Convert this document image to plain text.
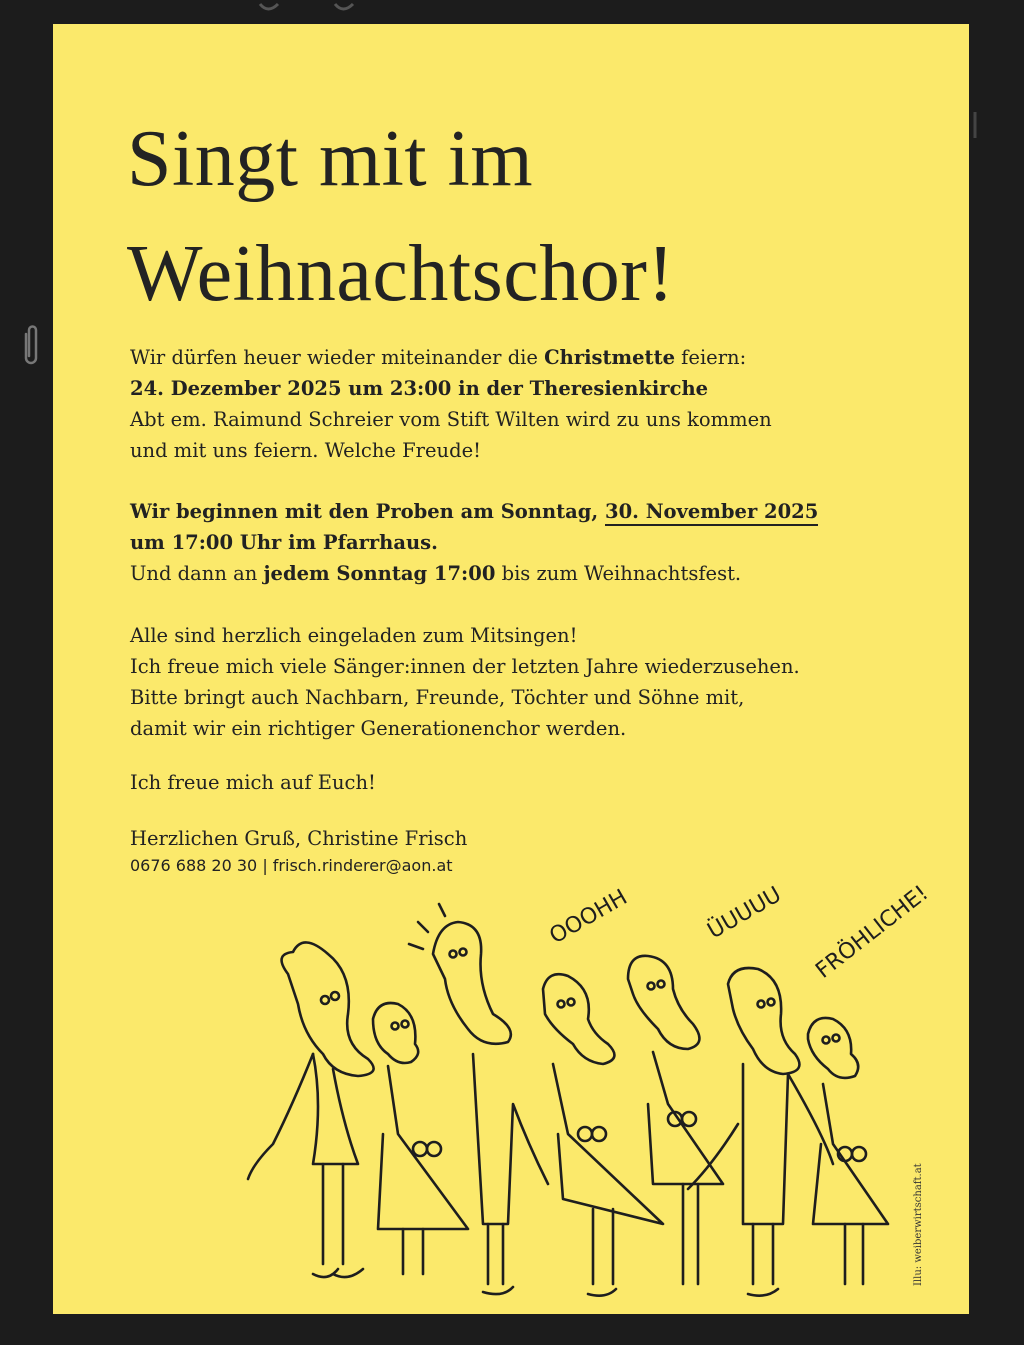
Singt mit im
Weihnachtschor!
Wir dürfen heuer wieder miteinander die Christmette feiern:
24. Dezember 2025 um 23:00 in der Theresienkirche
Abt em. Raimund Schreier vom Stift Wilten wird zu uns kommen
und mit uns feiern. Welche Freude!
Wir beginnen mit den Proben am Sonntag, 30. November 2025
um 17:00 Uhr im Pfarrhaus.
Und dann an jedem Sonntag 17:00 bis zum Weihnachtsfest.
Alle sind herzlich eingeladen zum Mitsingen!
Ich freue mich viele Sänger:innen der letzten Jahre wiederzusehen.
Bitte bringt auch Nachbarn, Freunde, Töchter und Söhne mit,
damit wir ein richtiger Generationenchor werden.
Ich freue mich auf Euch!
Herzlichen Gruß, Christine Frisch
0676 688 20 30 | frisch.rinderer@aon.at
OOOHH	ÜUUUU FRÖHLICHE!
Illu: weiberwirtschaft.at
